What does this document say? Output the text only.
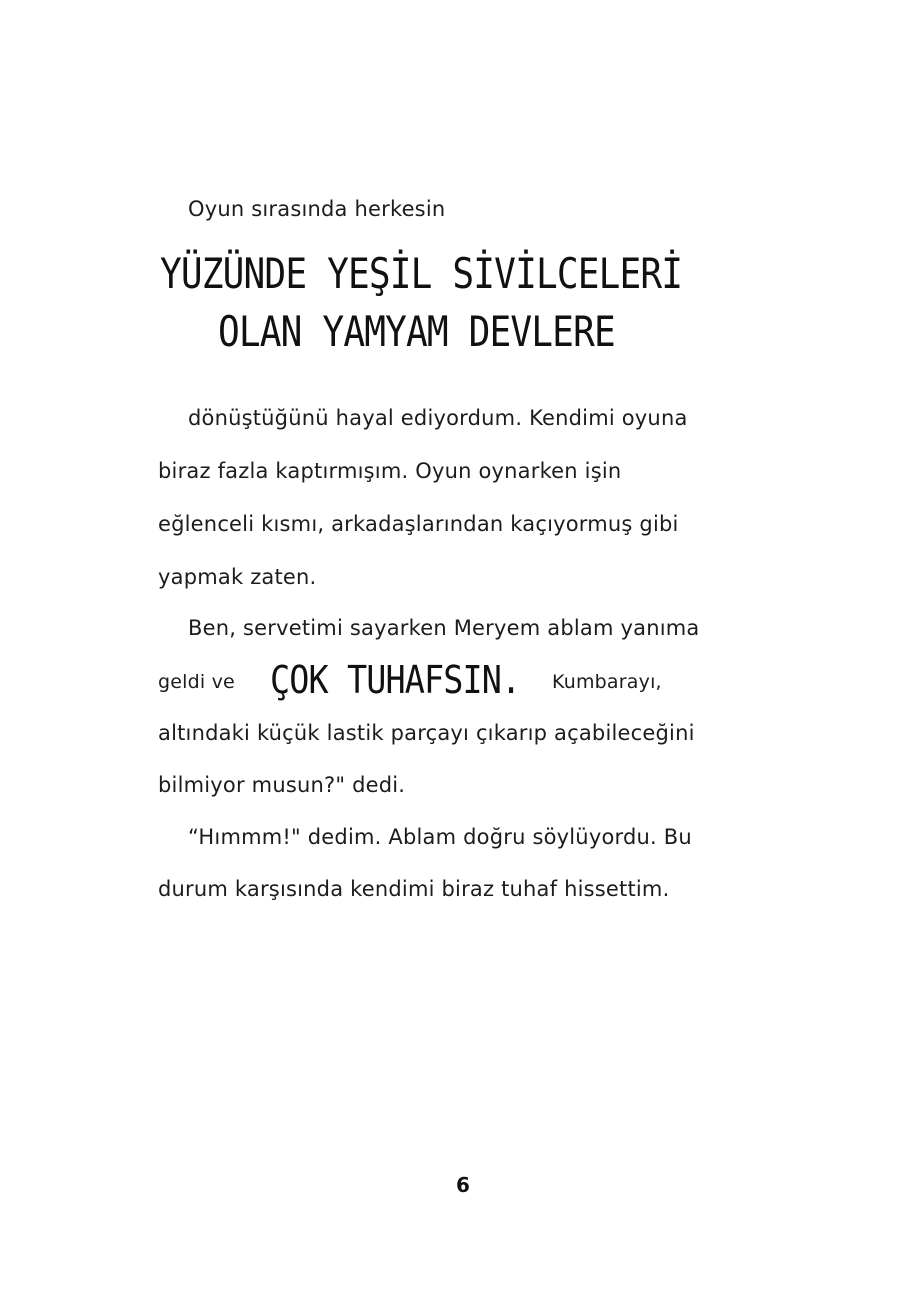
Oyun sırasında herkesin
YÜZÜNDE YEŞİL SİVİLCELERİ
OLAN YAMYAM DEVLERE
dönüştüğünü hayal ediyordum. Kendimi oyuna
biraz fazla kaptırmışım. Oyun oynarken işin
eğlenceli kısmı, arkadaşlarından kaçıyormuş gibi
yapmak zaten.
Ben, servetimi sayarken Meryem ablam yanıma
geldi ve ÇOK TUHAFSIN.	Kumbarayı,
altındaki küçük lastik parçayı çıkarıp açabileceğini
bilmiyor musun?" dedi.
“Hımmm!" dedim. Ablam doğru söylüyordu. Bu
durum karşısında kendimi biraz tuhaf hissettim.
6
